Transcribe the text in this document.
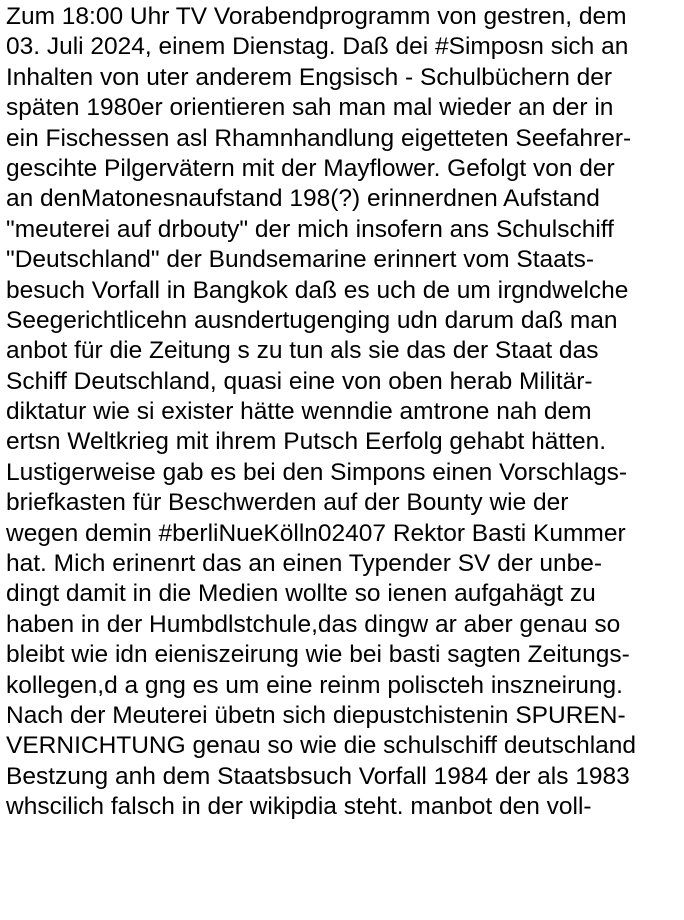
Zum 18:00 Uhr TV Vorabendprogramm von gestren, dem
03. Juli 2024, einem Dienstag. Daß dei #Simposn sich an
Inhalten von uter anderem Engsisch - Schulbüchern der
späten 1980er orientieren sah man mal wieder an der in
ein Fischessen asl Rhamnhandlung eigetteten Seefahrer-
gescihte Pilgervätern mit der Mayflower. Gefolgt von der
an denMatonesnaufstand 198(?) erinnerdnen Aufstand
"meuterei auf drbouty" der mich insofern ans Schulschiff
"Deutschland" der Bundsemarine erinnert vom Staats-
besuch Vorfall in Bangkok daß es uch de um irgndwelche
Seegerichtlicehn ausndertugenging udn darum daß man
anbot für die Zeitung s zu tun als sie das der Staat das
Schiff Deutschland, quasi eine von oben herab Militär-
diktatur wie si exister hätte wenndie amtrone nah dem
ertsn Weltkrieg mit ihrem Putsch Eerfolg gehabt hätten.
Lustigerweise gab es bei den Simpons einen Vorschlags-
briefkasten für Beschwerden auf der Bounty wie der
wegen demin #berliNueKölln02407 Rektor Basti Kummer
hat. Mich erinenrt das an einen Typender SV der unbe-
dingt damit in die Medien wollte so ienen aufgahägt zu
haben in der Humbdlstchule,das dingw ar aber genau so
bleibt wie idn eieniszeirung wie bei basti sagten Zeitungs-
kollegen,d a gng es um eine reinm poliscteh inszneirung.
Nach der Meuterei übetn sich diepustchistenin SPUREN-
VERNICHTUNG genau so wie die schulschiff deutschland
Bestzung anh dem Staatsbsuch Vorfall 1984 der als 1983
whscilich falsch in der wikipdia steht. manbot den voll-
